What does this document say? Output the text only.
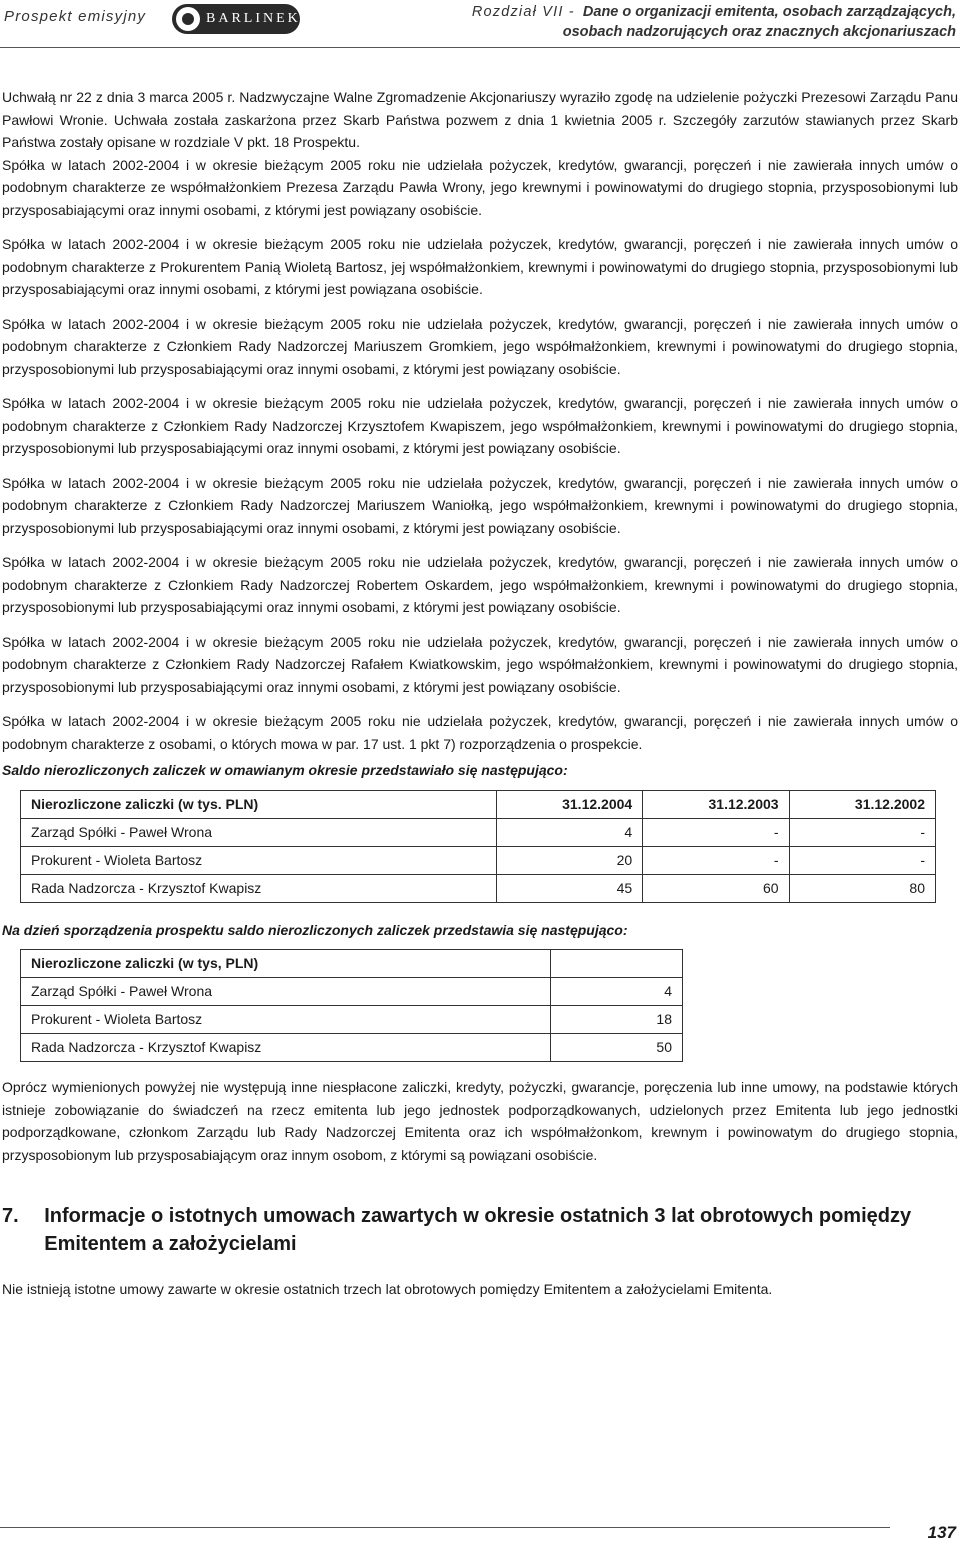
Prospekt emisyjny	BARLINEK	Rozdział VII - Dane o organizacji emitenta, osobach zarządzających,
osobach nadzorujących oraz znacznych akcjonariuszach

Uchwałą nr 22 z dnia 3 marca 2005 r. Nadzwyczajne Walne Zgromadzenie Akcjonariuszy wyraziło zgodę na udzielenie pożyczki Prezesowi Zarządu Panu Pawłowi Wronie. Uchwała została zaskarżona przez Skarb Państwa pozwem z dnia 1 kwietnia 2005 r. Szczegóły zarzutów stawianych przez Skarb Państwa zostały opisane w rozdziale V pkt. 18 Prospektu.

Spółka w latach 2002-2004 i w okresie bieżącym 2005 roku nie udzielała pożyczek, kredytów, gwarancji, poręczeń i nie zawierała innych umów o podobnym charakterze ze współmałżonkiem Prezesa Zarządu Pawła Wrony, jego krewnymi i powinowatymi do drugiego stopnia, przysposobionymi lub przysposabiającymi oraz innymi osobami, z którymi jest powiązany osobiście.

Spółka w latach 2002-2004 i w okresie bieżącym 2005 roku nie udzielała pożyczek, kredytów, gwarancji, poręczeń i nie zawierała innych umów o podobnym charakterze z Prokurentem Panią Wioletą Bartosz, jej współmałżonkiem, krewnymi i powinowatymi do drugiego stopnia, przysposobionymi lub przysposabiającymi oraz innymi osobami, z którymi jest powiązana osobiście.

Spółka w latach 2002-2004 i w okresie bieżącym 2005 roku nie udzielała pożyczek, kredytów, gwarancji, poręczeń i nie zawierała innych umów o podobnym charakterze z Członkiem Rady Nadzorczej Mariuszem Gromkiem, jego współmałżonkiem, krewnymi i powinowatymi do drugiego stopnia, przysposobionymi lub przysposabiającymi oraz innymi osobami, z którymi jest powiązany osobiście.

Spółka w latach 2002-2004 i w okresie bieżącym 2005 roku nie udzielała pożyczek, kredytów, gwarancji, poręczeń i nie zawierała innych umów o podobnym charakterze z Członkiem Rady Nadzorczej Krzysztofem Kwapiszem, jego współmałżonkiem, krewnymi i powinowatymi do drugiego stopnia, przysposobionymi lub przysposabiającymi oraz innymi osobami, z którymi jest powiązany osobiście.

Spółka w latach 2002-2004 i w okresie bieżącym 2005 roku nie udzielała pożyczek, kredytów, gwarancji, poręczeń i nie zawierała innych umów o podobnym charakterze z Członkiem Rady Nadzorczej Mariuszem Waniołką, jego współmałżonkiem, krewnymi i powinowatymi do drugiego stopnia, przysposobionymi lub przysposabiającymi oraz innymi osobami, z którymi jest powiązany osobiście.

Spółka w latach 2002-2004 i w okresie bieżącym 2005 roku nie udzielała pożyczek, kredytów, gwarancji, poręczeń i nie zawierała innych umów o podobnym charakterze z Członkiem Rady Nadzorczej Robertem Oskardem, jego współmałżonkiem, krewnymi i powinowatymi do drugiego stopnia, przysposobionymi lub przysposabiającymi oraz innymi osobami, z którymi jest powiązany osobiście.

Spółka w latach 2002-2004 i w okresie bieżącym 2005 roku nie udzielała pożyczek, kredytów, gwarancji, poręczeń i nie zawierała innych umów o podobnym charakterze z Członkiem Rady Nadzorczej Rafałem Kwiatkowskim, jego współmałżonkiem, krewnymi i powinowatymi do drugiego stopnia, przysposobionymi lub przysposabiającymi oraz innymi osobami, z którymi jest powiązany osobiście.

Spółka w latach 2002-2004 i w okresie bieżącym 2005 roku nie udzielała pożyczek, kredytów, gwarancji, poręczeń i nie zawierała innych umów o podobnym charakterze z osobami, o których mowa w par. 17 ust. 1 pkt 7) rozporządzenia o prospekcie.

Saldo nierozliczonych zaliczek w omawianym okresie przedstawiało się następująco:
Nierozliczone zaliczki (w tys. PLN)	31.12.2004	31.12.2003	31.12.2002
Zarząd Spółki - Paweł Wrona	4	-	-
Prokurent - Wioleta Bartosz	20	-	-
Rada Nadzorcza - Krzysztof Kwapisz	45	60	80
Na dzień sporządzenia prospektu saldo nierozliczonych zaliczek przedstawia się następująco:
Nierozliczone zaliczki (w tys, PLN)	
Zarząd Spółki - Paweł Wrona	4
Prokurent - Wioleta Bartosz	18
Rada Nadzorcza - Krzysztof Kwapisz	50

Oprócz wymienionych powyżej nie występują inne niespłacone zaliczki, kredyty, pożyczki, gwarancje, poręczenia lub inne umowy, na podstawie których istnieje zobowiązanie do świadczeń na rzecz emitenta lub jego jednostek podporządkowanych, udzielonych przez Emitenta lub jego jednostki podporządkowane, członkom Zarządu lub Rady Nadzorczej Emitenta oraz ich współmałżonkom, krewnym i powinowatym do drugiego stopnia, przysposobionym lub przysposabiającym oraz innym osobom, z którymi są powiązani osobiście.

7.	Informacje o istotnych umowach zawartych w okresie ostatnich 3 lat obrotowych pomiędzy Emitentem a założycielami

Nie istnieją istotne umowy zawarte w okresie ostatnich trzech lat obrotowych pomiędzy Emitentem a założycielami Emitenta.

137
